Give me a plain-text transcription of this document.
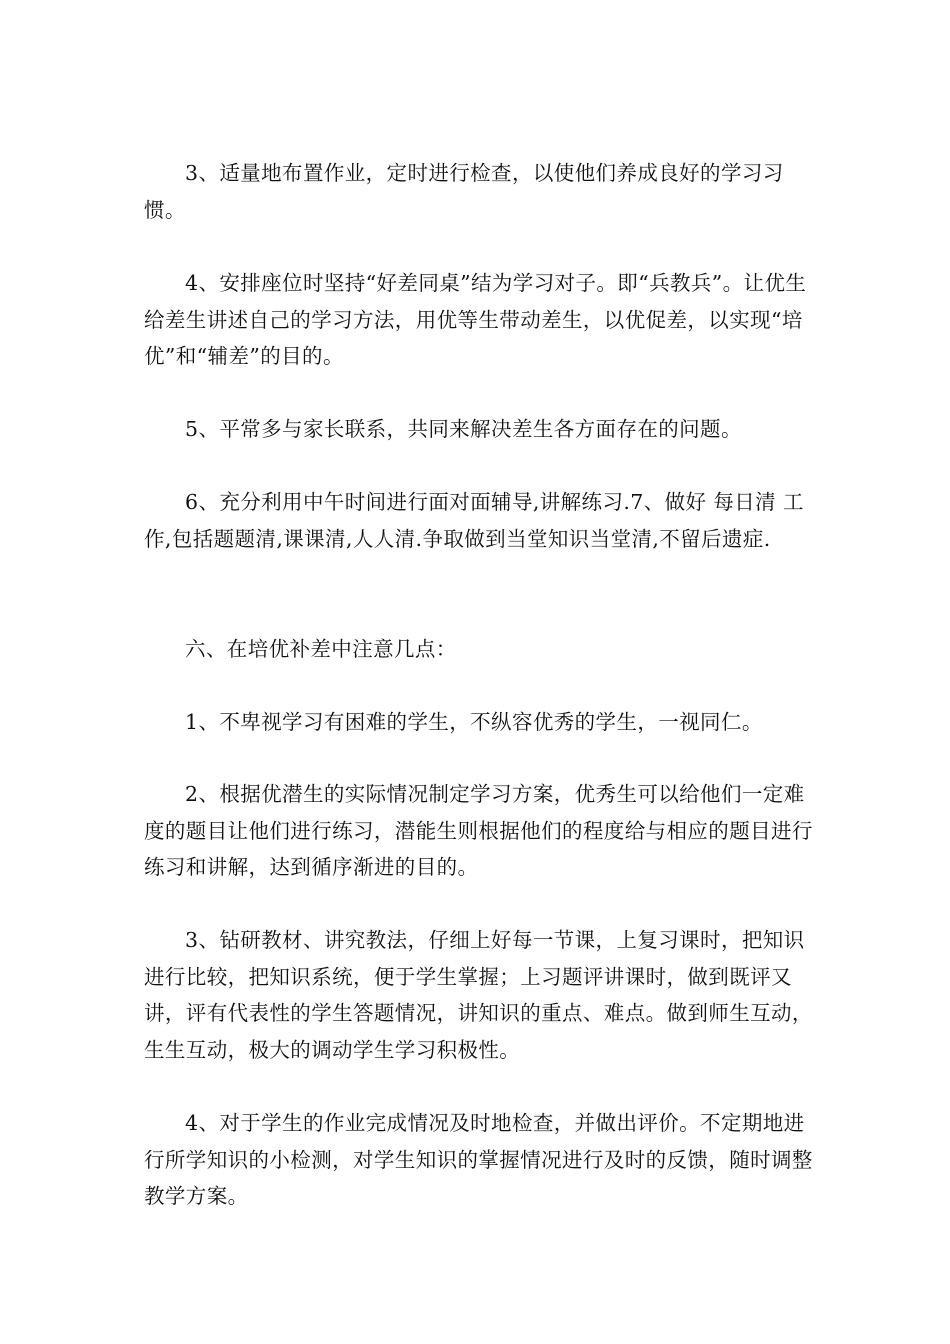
3、适量地布置作业，定时进行检查，以使他们养成良好的学习习惯。

4、安排座位时坚持“好差同桌”结为学习对子。即“兵教兵”。让优生给差生讲述自己的学习方法，用优等生带动差生，以优促差，以实现“培优”和“辅差”的目的。

5、平常多与家长联系，共同来解决差生各方面存在的问题。

6、充分利用中午时间进行面对面辅导,讲解练习.7、做好 每日清 工作,包括题题清,课课清,人人清.争取做到当堂知识当堂清,不留后遗症.

六、在培优补差中注意几点：

1、不卑视学习有困难的学生，不纵容优秀的学生，一视同仁。

2、根据优潜生的实际情况制定学习方案，优秀生可以给他们一定难度的题目让他们进行练习，潜能生则根据他们的程度给与相应的题目进行练习和讲解，达到循序渐进的目的。

3、钻研教材、讲究教法，仔细上好每一节课，上复习课时，把知识进行比较，把知识系统，便于学生掌握；上习题评讲课时，做到既评又讲，评有代表性的学生答题情况，讲知识的重点、难点。做到师生互动，生生互动，极大的调动学生学习积极性。

4、对于学生的作业完成情况及时地检查，并做出评价。不定期地进行所学知识的小检测，对学生知识的掌握情况进行及时的反馈，随时调整教学方案。
